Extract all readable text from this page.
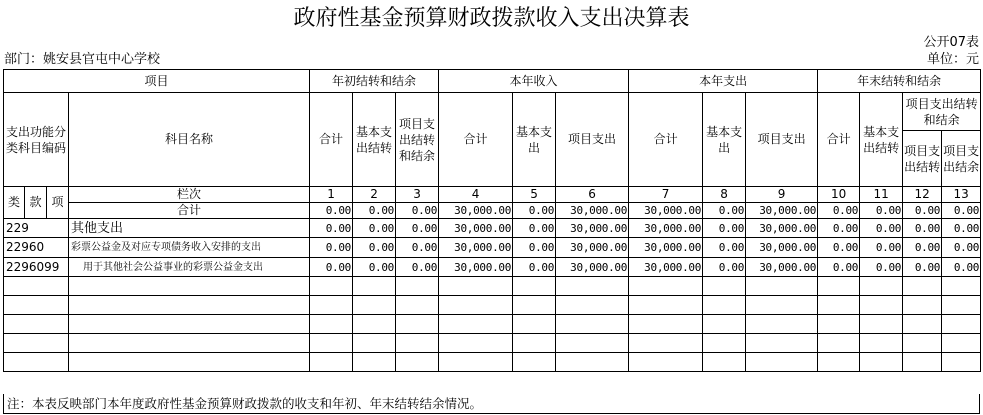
政府性基金预算财政拨款收入支出决算表
公开07表
部门：姚安县官屯中心学校	单位：元
项目				年初结转和结余			本年收入			本年支出			年末结转和结余			
支出功能分类科目编码			科目名称	合计	基本支出结转	项目支出结转和结余	合计	基本支出	项目支出	合计	基本支出	项目支出	合计	基本支出结转	项目支出结转和结余	
															项目支出结转	项目支出结余
类	款	项	栏次	1	2	3	4	5	6	7	8	9	10	11	12	13
			合计	0.00	0.00	0.00	30,000.00	0.00	30,000.00	30,000.00	0.00	30,000.00	0.00	0.00	0.00	0.00
229			其他支出	0.00	0.00	0.00	30,000.00	0.00	30,000.00	30,000.00	0.00	30,000.00	0.00	0.00	0.00	0.00
22960			彩票公益金及对应专项债务收入安排的支出	0.00	0.00	0.00	30,000.00	0.00	30,000.00	30,000.00	0.00	30,000.00	0.00	0.00	0.00	0.00
2296099			用于其他社会公益事业的彩票公益金支出	0.00	0.00	0.00	30,000.00	0.00	30,000.00	30,000.00	0.00	30,000.00	0.00	0.00	0.00	0.00

注：本表反映部门本年度政府性基金预算财政拨款的收支和年初、年末结转结余情况。
